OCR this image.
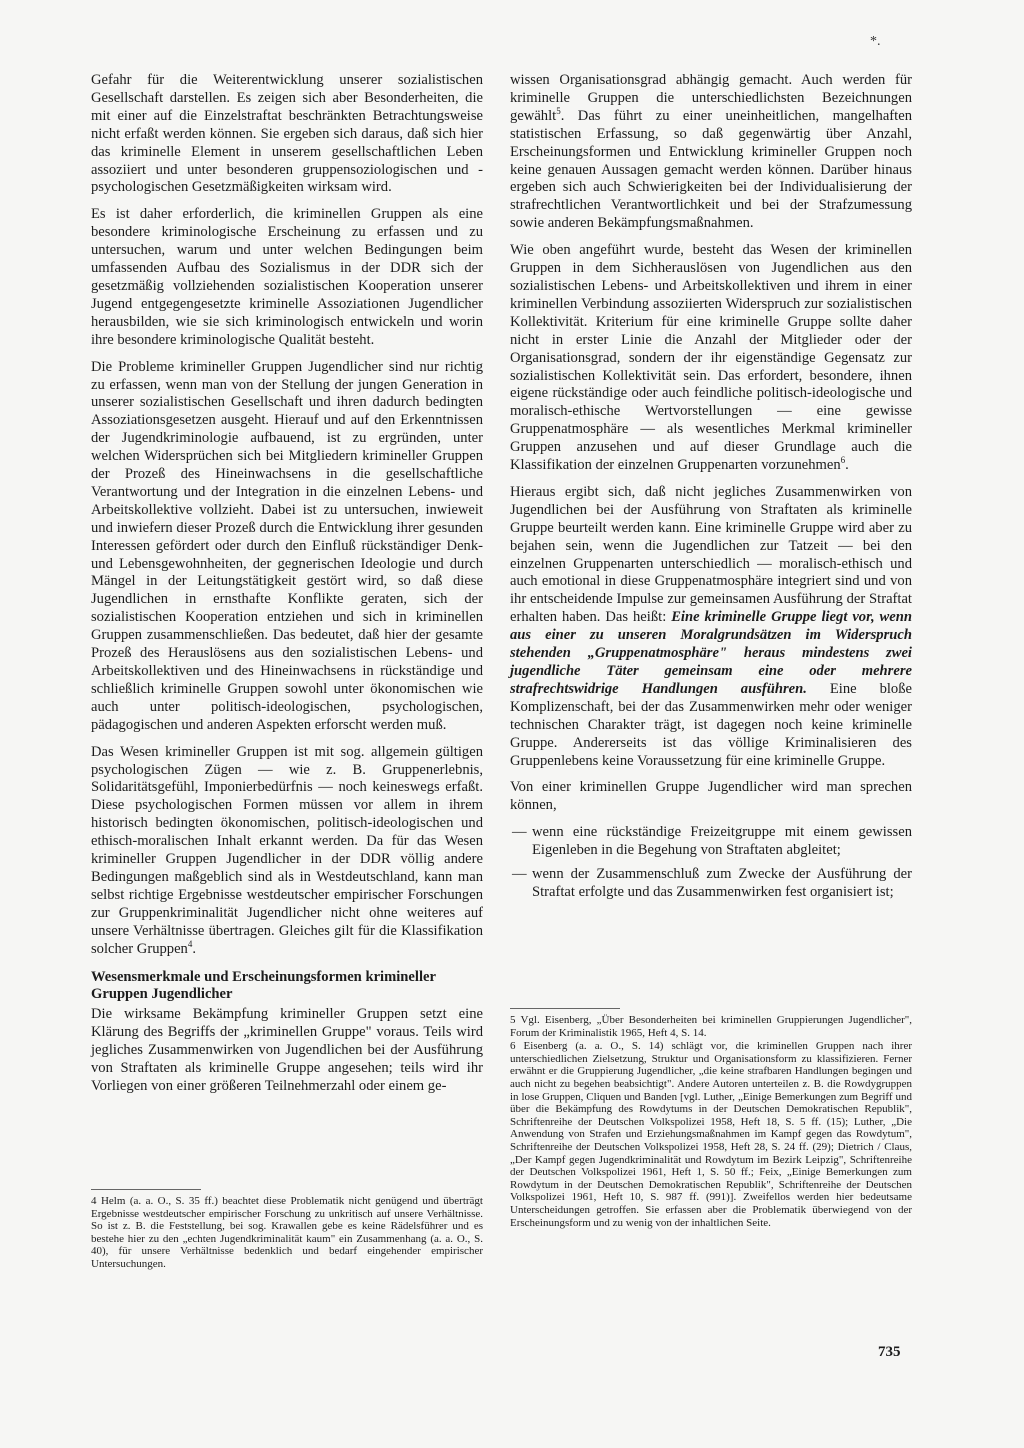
*.

Gefahr für die Weiterentwicklung unserer sozialistischen Gesellschaft darstellen. Es zeigen sich aber Besonderheiten, die mit einer auf die Einzelstraftat beschränkten Betrachtungsweise nicht erfaßt werden können. Sie ergeben sich daraus, daß sich hier das kriminelle Element in unserem gesellschaftlichen Leben assoziiert und unter besonderen gruppensoziologischen und -psychologischen Gesetzmäßigkeiten wirksam wird.

Es ist daher erforderlich, die kriminellen Gruppen als eine besondere kriminologische Erscheinung zu erfassen und zu untersuchen, warum und unter welchen Bedingungen beim umfassenden Aufbau des Sozialismus in der DDR sich der gesetzmäßig vollziehenden sozialistischen Kooperation unserer Jugend entgegengesetzte kriminelle Assoziationen Jugendlicher herausbilden, wie sie sich kriminologisch entwickeln und worin ihre besondere kriminologische Qualität besteht.

Die Probleme krimineller Gruppen Jugendlicher sind nur richtig zu erfassen, wenn man von der Stellung der jungen Generation in unserer sozialistischen Gesellschaft und ihren dadurch bedingten Assoziationsgesetzen ausgeht. Hierauf und auf den Erkenntnissen der Jugendkriminologie aufbauend, ist zu ergründen, unter welchen Widersprüchen sich bei Mitgliedern krimineller Gruppen der Prozeß des Hineinwachsens in die gesellschaftliche Verantwortung und der Integration in die einzelnen Lebens- und Arbeitskollektive vollzieht. Dabei ist zu untersuchen, inwieweit und inwiefern dieser Prozeß durch die Entwicklung ihrer gesunden Interessen gefördert oder durch den Einfluß rückständiger Denk- und Lebensgewohnheiten, der gegnerischen Ideologie und durch Mängel in der Leitungstätigkeit gestört wird, so daß diese Jugendlichen in ernsthafte Konflikte geraten, sich der sozialistischen Kooperation entziehen und sich in kriminellen Gruppen zusammenschließen. Das bedeutet, daß hier der gesamte Prozeß des Herauslösens aus den sozialistischen Lebens- und Arbeitskollektiven und des Hineinwachsens in rückständige und schließlich kriminelle Gruppen sowohl unter ökonomischen wie auch unter politisch-ideologischen, psychologischen, pädagogischen und anderen Aspekten erforscht werden muß.

Das Wesen krimineller Gruppen ist mit sog. allgemein gültigen psychologischen Zügen — wie z. B. Gruppenerlebnis, Solidaritätsgefühl, Imponierbedürfnis — noch keineswegs erfaßt. Diese psychologischen Formen müssen vor allem in ihrem historisch bedingten ökonomischen, politisch-ideologischen und ethisch-moralischen Inhalt erkannt werden. Da für das Wesen krimineller Gruppen Jugendlicher in der DDR völlig andere Bedingungen maßgeblich sind als in Westdeutschland, kann man selbst richtige Ergebnisse westdeutscher empirischer Forschungen zur Gruppenkriminalität Jugendlicher nicht ohne weiteres auf unsere Verhältnisse übertragen. Gleiches gilt für die Klassifikation solcher Gruppen$^4$.

Wesensmerkmale und Erscheinungsformen krimineller Gruppen Jugendlicher

Die wirksame Bekämpfung krimineller Gruppen setzt eine Klärung des Begriffs der „kriminellen Gruppe" voraus. Teils wird jegliches Zusammenwirken von Jugendlichen bei der Ausführung von Straftaten als kriminelle Gruppe angesehen; teils wird ihr Vorliegen von einer größeren Teilnehmerzahl oder einem ge-

4 Helm (a. a. O., S. 35 ff.) beachtet diese Problematik nicht genügend und überträgt Ergebnisse westdeutscher empirischer Forschung zu unkritisch auf unsere Verhältnisse. So ist z. B. die Feststellung, bei sog. Krawallen gebe es keine Rädelsführer und es bestehe hier zu den „echten Jugendkriminalität kaum" ein Zusammenhang (a. a. O., S. 40), für unsere Verhältnisse bedenklich und bedarf eingehender empirischer Untersuchungen.

wissen Organisationsgrad abhängig gemacht. Auch werden für kriminelle Gruppen die unterschiedlichsten Bezeichnungen gewählt$^5$. Das führt zu einer uneinheitlichen, mangelhaften statistischen Erfassung, so daß gegenwärtig über Anzahl, Erscheinungsformen und Entwicklung krimineller Gruppen noch keine genauen Aussagen gemacht werden können. Darüber hinaus ergeben sich auch Schwierigkeiten bei der Individualisierung der strafrechtlichen Verantwortlichkeit und bei der Strafzumessung sowie anderen Bekämpfungsmaßnahmen.

Wie oben angeführt wurde, besteht das Wesen der kriminellen Gruppen in dem Sichherauslösen von Jugendlichen aus den sozialistischen Lebens- und Arbeitskollektiven und ihrem in einer kriminellen Verbindung assoziierten Widerspruch zur sozialistischen Kollektivität. Kriterium für eine kriminelle Gruppe sollte daher nicht in erster Linie die Anzahl der Mitglieder oder der Organisationsgrad, sondern der ihr eigenständige Gegensatz zur sozialistischen Kollektivität sein. Das erfordert, besondere, ihnen eigene rückständige oder auch feindliche politisch-ideologische und moralisch-ethische Wertvorstellungen — eine gewisse Gruppenatmosphäre — als wesentliches Merkmal krimineller Gruppen anzusehen und auf dieser Grundlage auch die Klassifikation der einzelnen Gruppenarten vorzunehmen$^6$.

Hieraus ergibt sich, daß nicht jegliches Zusammenwirken von Jugendlichen bei der Ausführung von Straftaten als kriminelle Gruppe beurteilt werden kann. Eine kriminelle Gruppe wird aber zu bejahen sein, wenn die Jugendlichen zur Tatzeit — bei den einzelnen Gruppenarten unterschiedlich — moralisch-ethisch und auch emotional in diese Gruppenatmosphäre integriert sind und von ihr entscheidende Impulse zur gemeinsamen Ausführung der Straftat erhalten haben. Das heißt: Eine kriminelle Gruppe liegt vor, wenn aus einer zu unseren Moralgrundsätzen im Widerspruch stehenden „Gruppenatmosphäre" heraus mindestens zwei jugendliche Täter gemeinsam eine oder mehrere strafrechtswidrige Handlungen ausführen. Eine bloße Komplizenschaft, bei der das Zusammenwirken mehr oder weniger technischen Charakter trägt, ist dagegen noch keine kriminelle Gruppe. Andererseits ist das völlige Kriminalisieren des Gruppenlebens keine Voraussetzung für eine kriminelle Gruppe.

Von einer kriminellen Gruppe Jugendlicher wird man sprechen können,

— wenn eine rückständige Freizeitgruppe mit einem gewissen Eigenleben in die Begehung von Straftaten abgleitet;
— wenn der Zusammenschluß zum Zwecke der Ausführung der Straftat erfolgte und das Zusammenwirken fest organisiert ist;

5 Vgl. Eisenberg, „Über Besonderheiten bei kriminellen Gruppierungen Jugendlicher", Forum der Kriminalistik 1965, Heft 4, S. 14.

6 Eisenberg (a. a. O., S. 14) schlägt vor, die kriminellen Gruppen nach ihrer unterschiedlichen Zielsetzung, Struktur und Organisationsform zu klassifizieren. Ferner erwähnt er die Gruppierung Jugendlicher, „die keine strafbaren Handlungen begingen und auch nicht zu begehen beabsichtigt". Andere Autoren unterteilen z. B. die Rowdygruppen in lose Gruppen, Cliquen und Banden [vgl. Luther, „Einige Bemerkungen zum Begriff und über die Bekämpfung des Rowdytums in der Deutschen Demokratischen Republik", Schriftenreihe der Deutschen Volkspolizei 1958, Heft 18, S. 5 ff. (15); Luther, „Die Anwendung von Strafen und Erziehungsmaßnahmen im Kampf gegen das Rowdytum", Schriftenreihe der Deutschen Volkspolizei 1958, Heft 28, S. 24 ff. (29); Dietrich / Claus, „Der Kampf gegen Jugendkriminalität und Rowdytum im Bezirk Leipzig", Schriftenreihe der Deutschen Volkspolizei 1961, Heft 1, S. 50 ff.; Feix, „Einige Bemerkungen zum Rowdytum in der Deutschen Demokratischen Republik", Schriftenreihe der Deutschen Volkspolizei 1961, Heft 10, S. 987 ff. (991)]. Zweifellos werden hier bedeutsame Unterscheidungen getroffen. Sie erfassen aber die Problematik überwiegend von der Erscheinungsform und zu wenig von der inhaltlichen Seite.

735
